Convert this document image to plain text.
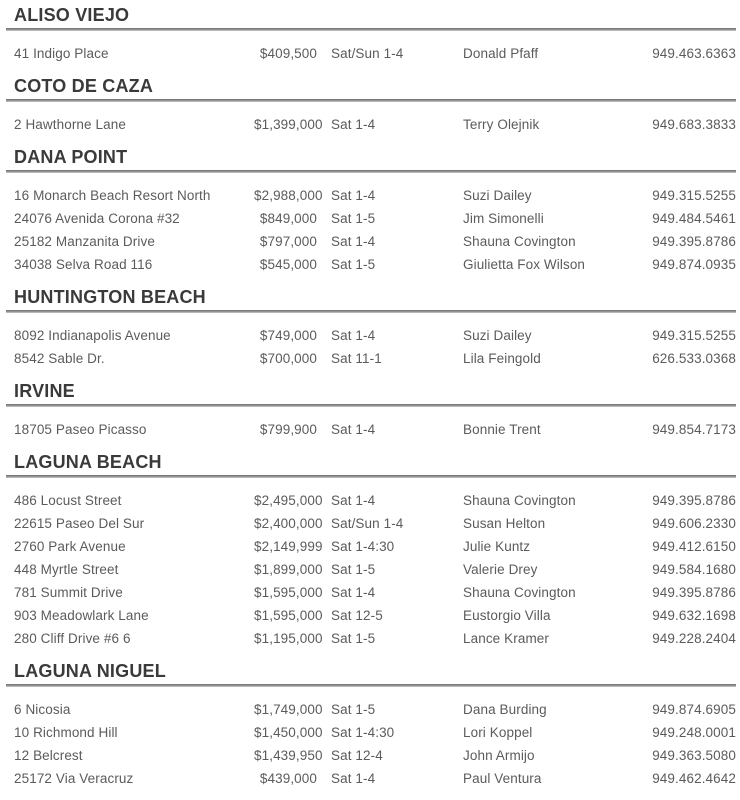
ALISO VIEJO
41 Indigo Place	$409,500	Sat/Sun 1-4	Donald Pfaff	949.463.6363
COTO DE CAZA
2 Hawthorne Lane	$1,399,000 Sat 1-4	Terry Olejnik	949.683.3833
DANA POINT
16 Monarch Beach Resort North	$2,988,000 Sat 1-4	Suzi Dailey	949.315.5255
24076 Avenida Corona #32	$849,000	Sat 1-5	Jim Simonelli	949.484.5461
25182 Manzanita Drive	$797,000	Sat 1-4	Shauna Covington	949.395.8786
34038 Selva Road 116	$545,000	Sat 1-5	Giulietta Fox Wilson	949.874.0935
HUNTINGTON BEACH
8092 Indianapolis Avenue	$749,000	Sat 1-4	Suzi Dailey	949.315.5255
8542 Sable Dr.	$700,000	Sat 11-1	Lila Feingold	626.533.0368
IRVINE
18705 Paseo Picasso	$799,900	Sat 1-4	Bonnie Trent	949.854.7173
LAGUNA BEACH
486 Locust Street	$2,495,000 Sat 1-4	Shauna Covington	949.395.8786
22615 Paseo Del Sur	$2,400,000 Sat/Sun 1-4	Susan Helton	949.606.2330
2760 Park Avenue	$2,149,999 Sat 1-4:30	Julie Kuntz	949.412.6150
448 Myrtle Street	$1,899,000 Sat 1-5	Valerie Drey	949.584.1680
781 Summit Drive	$1,595,000 Sat 1-4	Shauna Covington	949.395.8786
903 Meadowlark Lane	$1,595,000 Sat 12-5	Eustorgio Villa	949.632.1698
280 Cliff Drive #6 6	$1,195,000 Sat 1-5	Lance Kramer	949.228.2404
LAGUNA NIGUEL
6 Nicosia	$1,749,000 Sat 1-5	Dana Burding	949.874.6905
10 Richmond Hill	$1,450,000 Sat 1-4:30	Lori Koppel	949.248.0001
12 Belcrest	$1,439,950 Sat 12-4	John Armijo	949.363.5080
25172 Via Veracruz	$439,000	Sat 1-4	Paul Ventura	949.462.4642
